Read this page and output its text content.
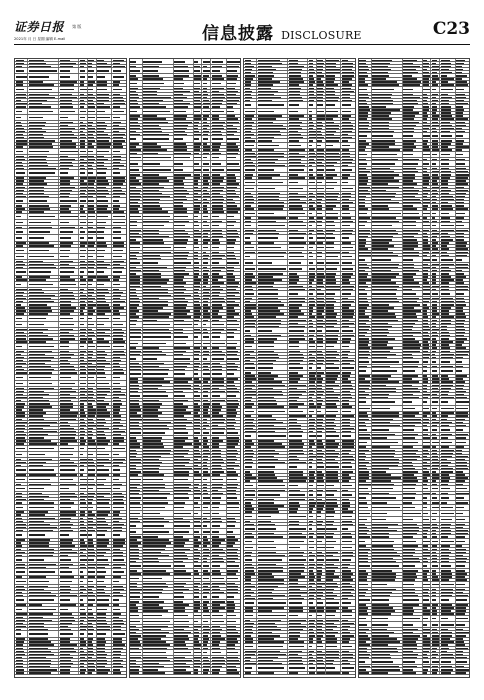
证券日报 第 版
2021年 月 日 星期 编辑 E-mail	信息披露 DISCLOSURE	C23
